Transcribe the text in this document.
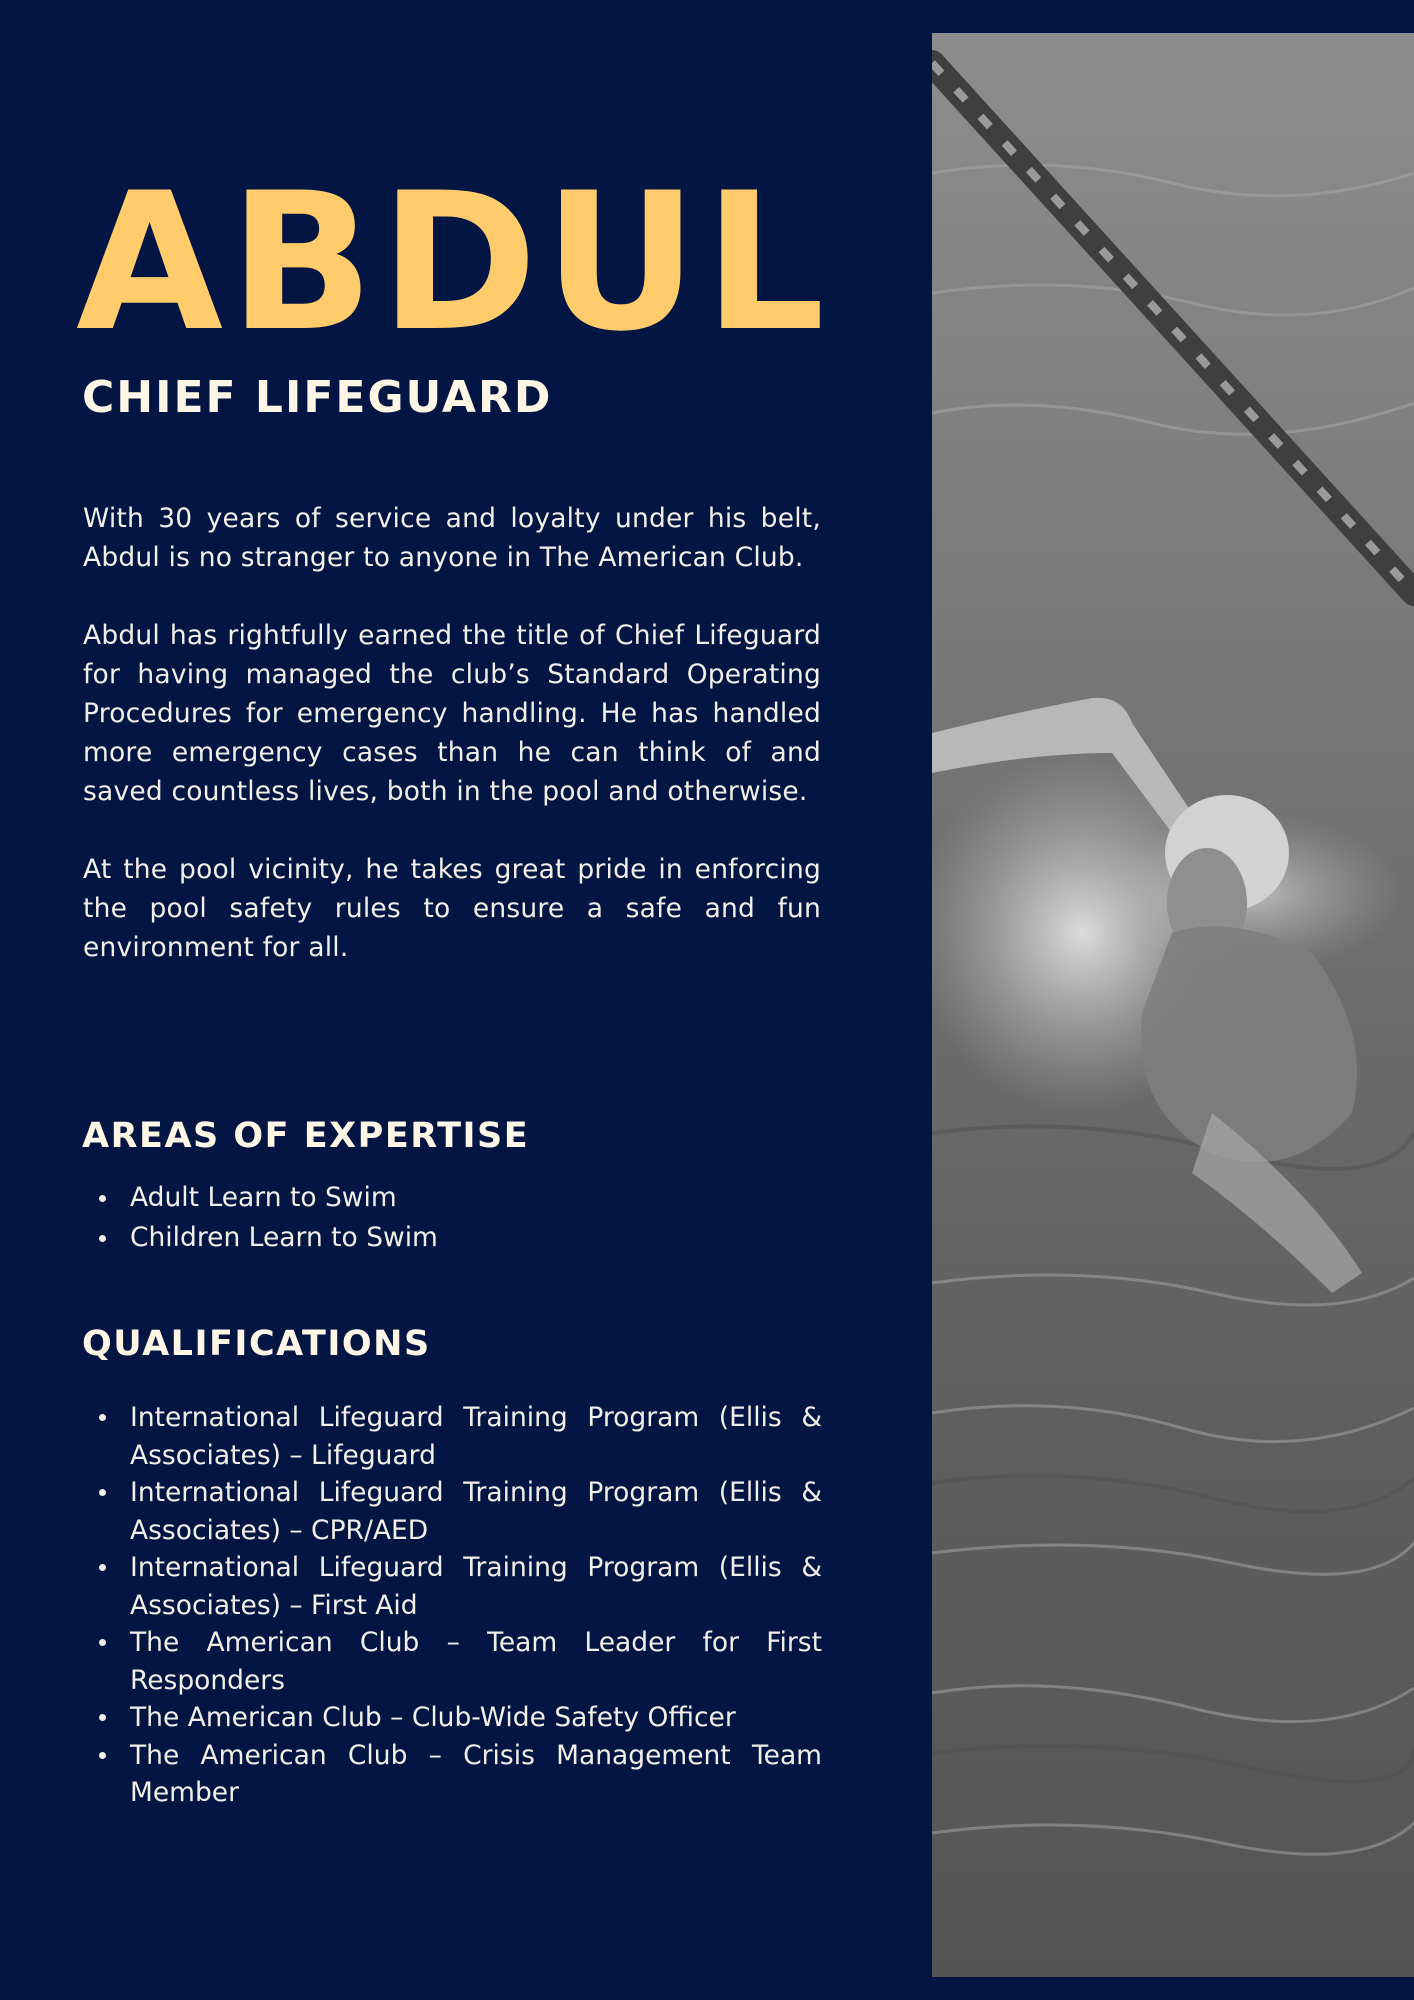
ABDUL
CHIEF LIFEGUARD

With 30 years of service and loyalty under his belt, Abdul is no stranger to anyone in The American Club.

Abdul has rightfully earned the title of Chief Lifeguard for having managed the club’s Standard Operating Procedures for emergency handling. He has handled more emergency cases than he can think of and saved countless lives, both in the pool and otherwise.

At the pool vicinity, he takes great pride in enforcing the pool safety rules to ensure a safe and fun environment for all.

AREAS OF EXPERTISE
Adult Learn to Swim
Children Learn to Swim
QUALIFICATIONS
International Lifeguard Training Program (Ellis & Associates) – Lifeguard
International Lifeguard Training Program (Ellis & Associates) – CPR/AED
International Lifeguard Training Program (Ellis & Associates) – First Aid
The American Club – Team Leader for First Responders
The American Club – Club-Wide Safety Officer
The American Club – Crisis Management Team Member
